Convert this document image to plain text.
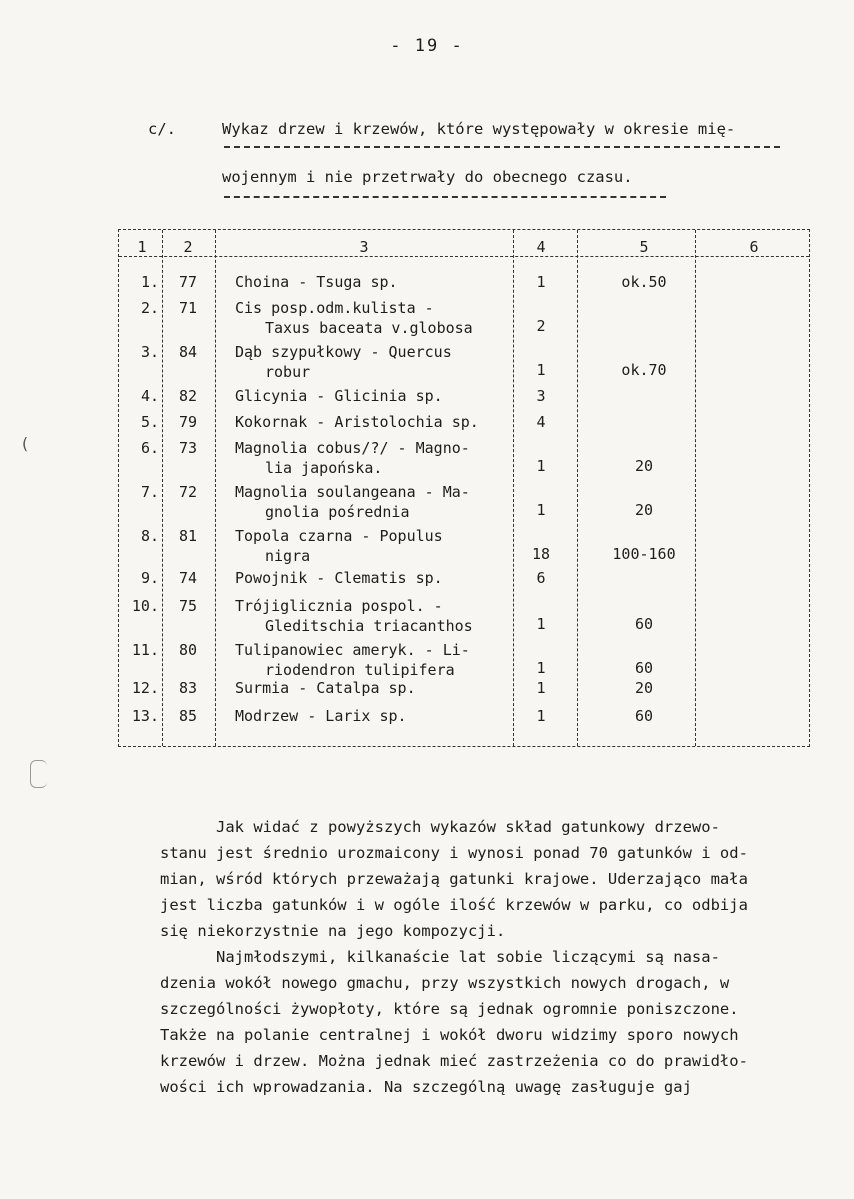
- 19 -
c/.	Wykaz drzew i krzewów, które występowały w okresie mię-
wojennym i nie przetrwały do obecnego czasu.
1	2	3	4	5	6
1.	77	Choina - Tsuga sp.	1	ok.50
2.	71	Cis posp.odm.kulista -
Taxus baceata v.globosa	2
3.	84	Dąb szypułkowy - Quercus
robur	1	ok.70
4.	82	Glicynia - Glicinia sp.	3
5.	79	Kokornak - Aristolochia sp.	4
6.	73	Magnolia cobus/?/ - Magno-
lia japońska.	1	20
7.	72	Magnolia soulangeana - Ma-
gnolia pośrednia	1	20
8.	81	Topola czarna - Populus
nigra	18	100-160
9.	74	Powojnik - Clematis sp.	6
10.	75	Trójiglicznia pospol. -
Gleditschia triacanthos	1	60
11.	80	Tulipanowiec ameryk. - Li-
riodendron tulipifera	1	60
12.	83	Surmia - Catalpa sp.	1	20
13.	85	Modrzew - Larix sp.	1	60
(
Jak widać z powyższych wykazów skład gatunkowy drzewo-
stanu jest średnio urozmaicony i wynosi ponad 70 gatunków i od-
mian, wśród których przeważają gatunki krajowe. Uderzająco mała
jest liczba gatunków i w ogóle ilość krzewów w parku, co odbija
się niekorzystnie na jego kompozycji.
Najmłodszymi, kilkanaście lat sobie liczącymi są nasa-
dzenia wokół nowego gmachu, przy wszystkich nowych drogach, w
szczególności żywopłoty, które są jednak ogromnie poniszczone.
Także na polanie centralnej i wokół dworu widzimy sporo nowych
krzewów i drzew. Można jednak mieć zastrzeżenia co do prawidło-
wości ich wprowadzania. Na szczególną uwagę zasługuje gaj
